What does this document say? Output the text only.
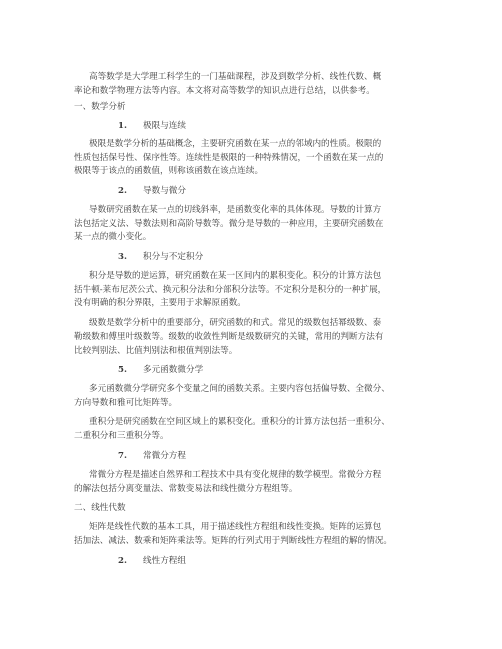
高等数学是大学理工科学生的一门基础课程，涉及到数学分析、线性代数、概
率论和数学物理方法等内容。本文将对高等数学的知识点进行总结，以供参考。
一、数学分析
1. 极限与连续
极限是数学分析的基础概念，主要研究函数在某一点的邻域内的性质。极限的
性质包括保号性、保序性等。连续性是极限的一种特殊情况，一个函数在某一点的
极限等于该点的函数值，则称该函数在该点连续。
2. 导数与微分
导数研究函数在某一点的切线斜率，是函数变化率的具体体现。导数的计算方
法包括定义法、导数法则和高阶导数等。微分是导数的一种应用，主要研究函数在
某一点的微小变化。
3. 积分与不定积分
积分是导数的逆运算，研究函数在某一区间内的累积变化。积分的计算方法包
括牛顿-莱布尼茨公式、换元积分法和分部积分法等。不定积分是积分的一种扩展，
没有明确的积分界限，主要用于求解原函数。
级数是数学分析中的重要部分，研究函数的和式。常见的级数包括幂级数、泰
勒级数和傅里叶级数等。级数的收敛性判断是级数研究的关键，常用的判断方法有
比较判别法、比值判别法和根值判别法等。
5. 多元函数微分学
多元函数微分学研究多个变量之间的函数关系。主要内容包括偏导数、全微分、
方向导数和雅可比矩阵等。
重积分是研究函数在空间区域上的累积变化。重积分的计算方法包括一重积分、
二重积分和三重积分等。
7. 常微分方程
常微分方程是描述自然界和工程技术中具有变化规律的数学模型。常微分方程
的解法包括分离变量法、常数变易法和线性微分方程组等。
二、线性代数
矩阵是线性代数的基本工具，用于描述线性方程组和线性变换。矩阵的运算包
括加法、减法、数乘和矩阵乘法等。矩阵的行列式用于判断线性方程组的解的情况。
2. 线性方程组
